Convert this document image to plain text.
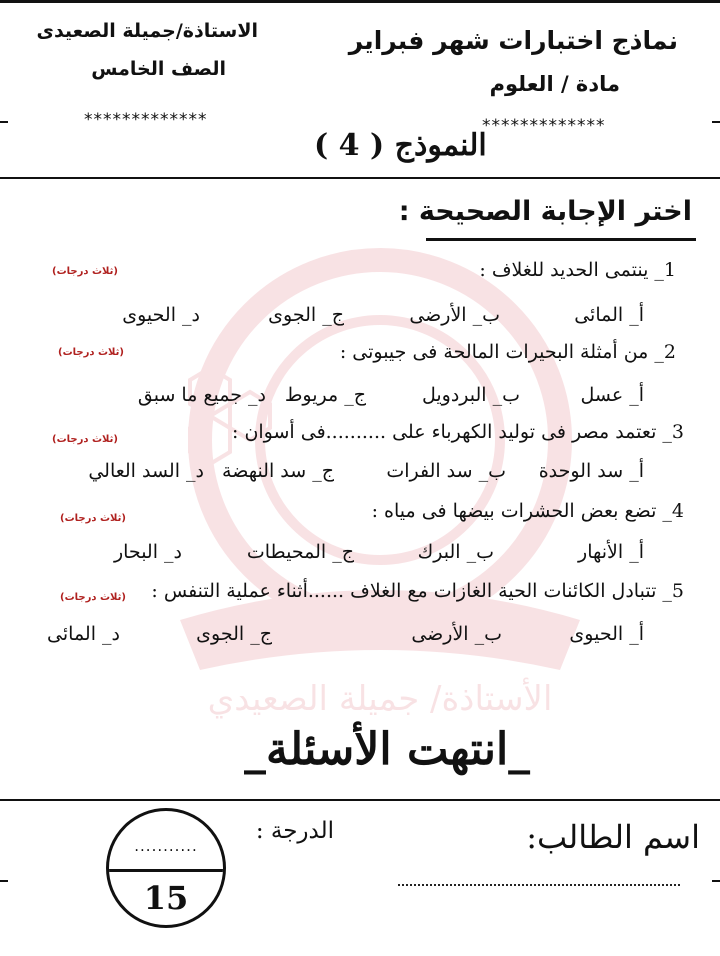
نماذج اختبارات شهر فبراير
مادة / العلوم
الاستاذة/جميلة الصعيدى
الصف الخامس
*************	*************
النموذج ( 4 )
الأستاذة/ جميلة الصعيدي
اختر الإجابة الصحيحة :
1_ ينتمى الحديد للغلاف :
(ثلاث درجات)
أ_ المائى
ب_ الأرضى
ج_ الجوى
د_ الحيوى
2_ من أمثلة البحيرات المالحة فى جيبوتى :
(ثلاث درجات)
أ_ عسل
ب_ البردويل
ج_ مريوط
د_ جميع ما سبق
3_ تعتمد مصر فى توليد الكهرباء على ..........فى أسوان :
(ثلاث درجات)
أ_ سد الوحدة
ب_ سد الفرات
ج_ سد النهضة
د_ السد العالي
4_ تضع بعض الحشرات بيضها فى مياه :
(ثلاث درجات)
أ_ الأنهار
ب_ البرك
ج_ المحيطات
د_ البحار
5_ تتبادل الكائنات الحية الغازات مع الغلاف ......أثناء عملية التنفس :
(ثلاث درجات)
أ_ الحيوى
ب_ الأرضى
ج_ الجوى
د_ المائى
_انتهت الأسئلة_
اسم الطالب:
الدرجة :
...........
15
